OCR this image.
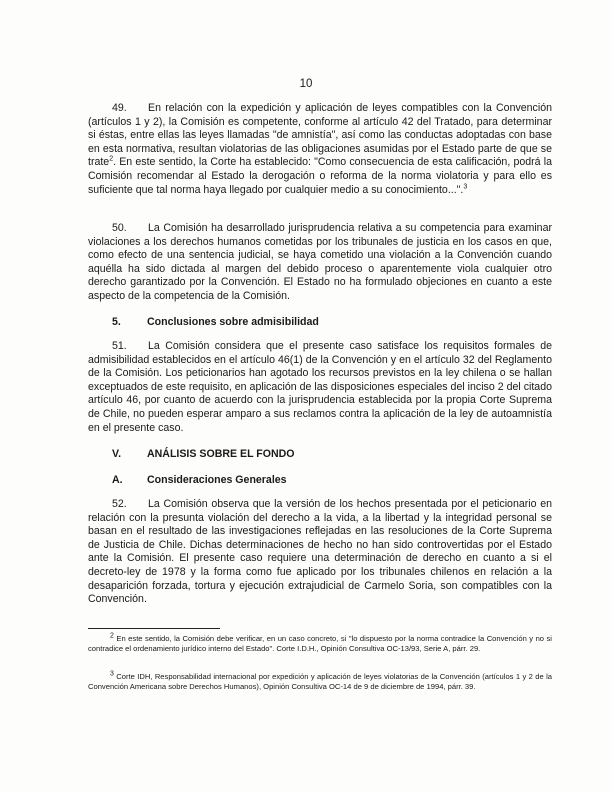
10

49. En relación con la expedición y aplicación de leyes compatibles con la Convención (artículos 1 y 2), la Comisión es competente, conforme al artículo 42 del Tratado, para determinar si éstas, entre ellas las leyes llamadas "de amnistía", así como las conductas adoptadas con base en esta normativa, resultan violatorias de las obligaciones asumidas por el Estado parte de que se trate$^2$. En este sentido, la Corte ha establecido: "Como consecuencia de esta calificación, podrá la Comisión recomendar al Estado la derogación o reforma de la norma violatoria y para ello es suficiente que tal norma haya llegado por cualquier medio a su conocimiento...".$^3$

50. La Comisión ha desarrollado jurisprudencia relativa a su competencia para examinar violaciones a los derechos humanos cometidas por los tribunales de justicia en los casos en que, como efecto de una sentencia judicial, se haya cometido una violación a la Convención cuando aquélla ha sido dictada al margen del debido proceso o aparentemente viola cualquier otro derecho garantizado por la Convención. El Estado no ha formulado objeciones en cuanto a este aspecto de la competencia de la Comisión.

5. Conclusiones sobre admisibilidad

51. La Comisión considera que el presente caso satisface los requisitos formales de admisibilidad establecidos en el artículo 46(1) de la Convención y en el artículo 32 del Reglamento de la Comisión. Los peticionarios han agotado los recursos previstos en la ley chilena o se hallan exceptuados de este requisito, en aplicación de las disposiciones especiales del inciso 2 del citado artículo 46, por cuanto de acuerdo con la jurisprudencia establecida por la propia Corte Suprema de Chile, no pueden esperar amparo a sus reclamos contra la aplicación de la ley de autoamnistía en el presente caso.

V. ANÁLISIS SOBRE EL FONDO
A. Consideraciones Generales

52. La Comisión observa que la versión de los hechos presentada por el peticionario en relación con la presunta violación del derecho a la vida, a la libertad y la integridad personal se basan en el resultado de las investigaciones reflejadas en las resoluciones de la Corte Suprema de Justicia de Chile. Dichas determinaciones de hecho no han sido controvertidas por el Estado ante la Comisión. El presente caso requiere una determinación de derecho en cuanto a si el decreto-ley de 1978 y la forma como fue aplicado por los tribunales chilenos en relación a la desaparición forzada, tortura y ejecución extrajudicial de Carmelo Soria, son compatibles con la Convención.

$^2$ En este sentido, la Comisión debe verificar, en un caso concreto, si "lo dispuesto por la norma contradice la Convención y no si contradice el ordenamiento jurídico interno del Estado". Corte I.D.H., Opinión Consultiva OC-13/93, Serie A, párr. 29.

$^3$ Corte IDH, Responsabilidad internacional por expedición y aplicación de leyes violatorias de la Convención (artículos 1 y 2 de la Convención Americana sobre Derechos Humanos), Opinión Consultiva OC-14 de 9 de diciembre de 1994, párr. 39.
